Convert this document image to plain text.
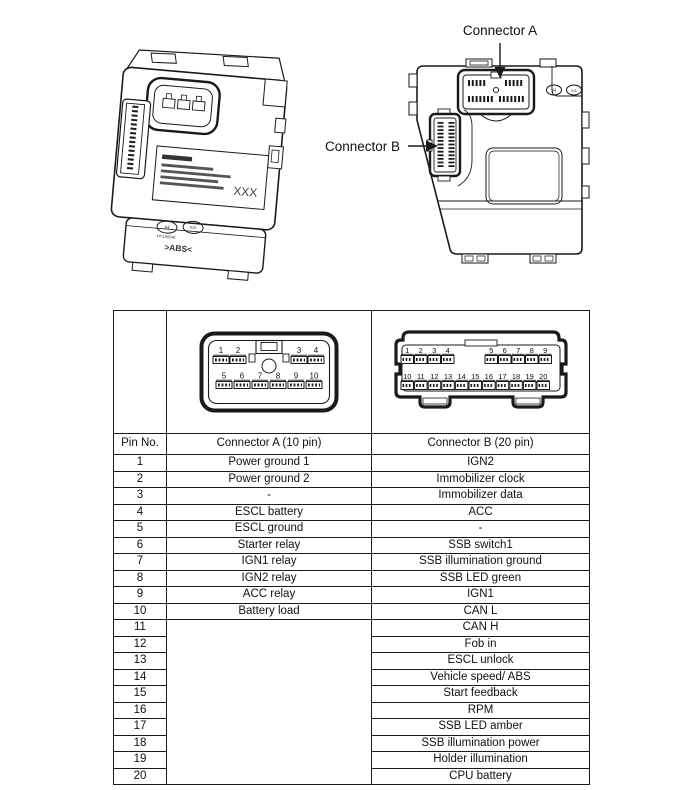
XXX
H	KIA
HYUNDAI
>ABS<
H	KIA
Connector A
Connector B

1 2	3 4
5 6 7 8 9 10

1 2 3 4	5 6 7 8 9
10 11 12 13 14 15 16 17 18 19 20

Pin No.	Connector A (10 pin)	Connector B (20 pin)
1	Power ground 1	IGN2
2	Power ground 2	Immobilizer clock
3	-	Immobilizer data
4	ESCL battery	ACC
5	ESCL ground	-
6	Starter relay	SSB switch1
7	IGN1 relay	SSB illumination ground
8	IGN2 relay	SSB LED green
9	ACC relay	IGN1
10	Battery load	CAN L
11		CAN H
12		Fob in
13		ESCL unlock
14		Vehicle speed/ ABS
15		Start feedback
16		RPM
17		SSB LED amber
18		SSB illumination power
19		Holder illumination
20		CPU battery
